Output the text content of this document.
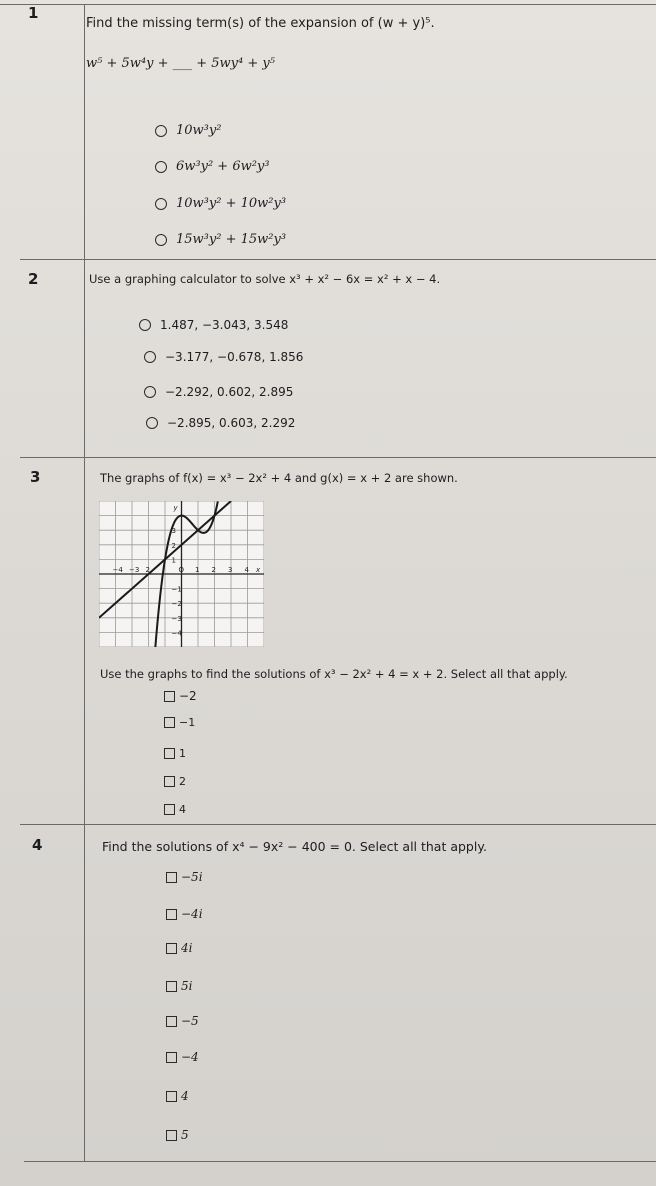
1
Find the missing term(s) of the expansion of (w + y)⁵.
w⁵ + 5w⁴y + ___ + 5wy⁴ + y⁵
10w³y²
6w³y² + 6w²y³
10w³y² + 10w²y³
15w³y² + 15w²y³
2	Use a graphing calculator to solve x³ + x² − 6x = x² + x − 4.
1.487, −3.043, 3.548
−3.177, −0.678, 1.856
−2.292, 0.602, 2.895
−2.895, 0.603, 2.292
3	The graphs of f(x) = x³ − 2x² + 4 and g(x) = x + 2 are shown.
−4 −3 2	O 1 2 3 4
3
2
1
−1
−2
−3
−4
x
y
Use the graphs to find the solutions of x³ − 2x² + 4 = x + 2. Select all that apply.
−2
−1
1
2
4
4	Find the solutions of x⁴ − 9x² − 400 = 0. Select all that apply.
−5i
−4i
4i
5i
−5
−4
4
5
